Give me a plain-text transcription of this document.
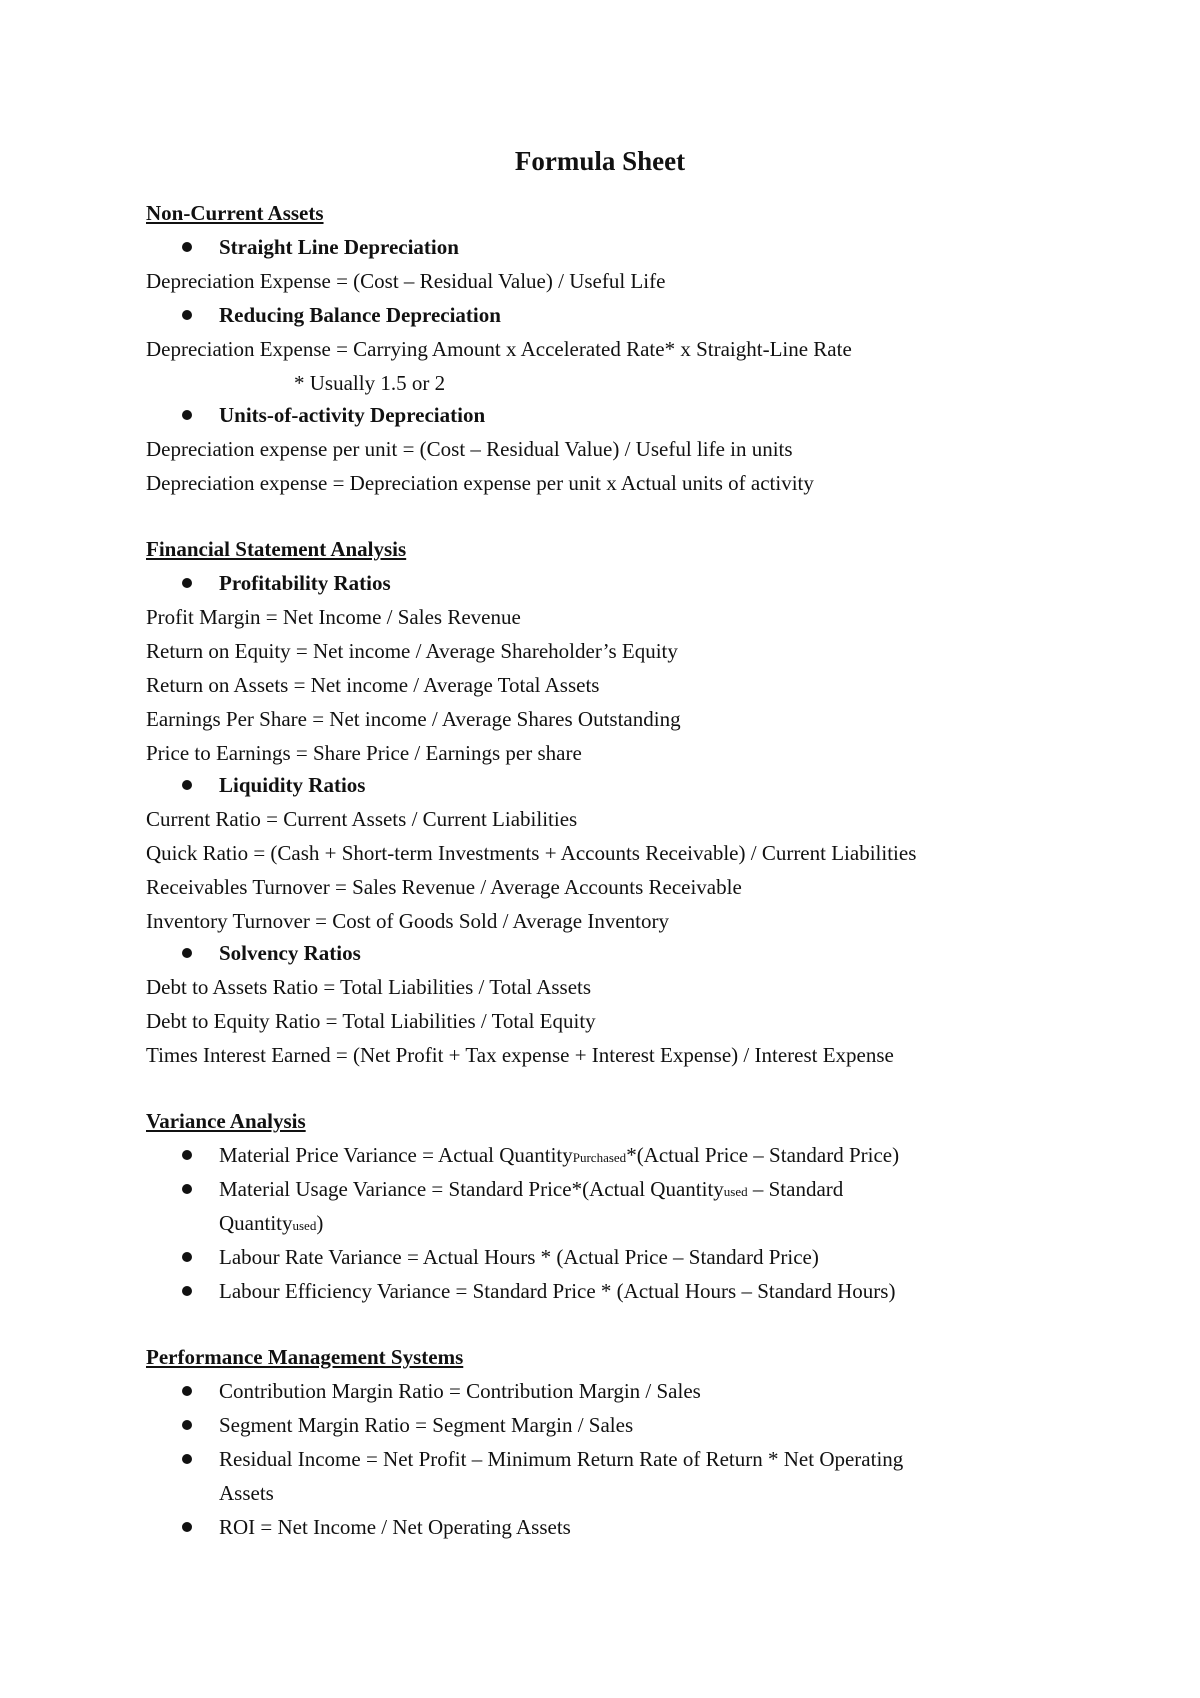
Formula Sheet
Non-Current Assets
Straight Line Depreciation
Depreciation Expense = (Cost – Residual Value) / Useful Life
Reducing Balance Depreciation
Depreciation Expense = Carrying Amount x Accelerated Rate* x Straight-Line Rate
* Usually 1.5 or 2
Units-of-activity Depreciation
Depreciation expense per unit = (Cost – Residual Value) / Useful life in units
Depreciation expense = Depreciation expense per unit x Actual units of activity
Financial Statement Analysis
Profitability Ratios
Profit Margin = Net Income / Sales Revenue
Return on Equity = Net income / Average Shareholder’s Equity
Return on Assets = Net income / Average Total Assets
Earnings Per Share = Net income / Average Shares Outstanding
Price to Earnings = Share Price / Earnings per share
Liquidity Ratios
Current Ratio = Current Assets / Current Liabilities
Quick Ratio = (Cash + Short-term Investments + Accounts Receivable) / Current Liabilities
Receivables Turnover = Sales Revenue / Average Accounts Receivable
Inventory Turnover = Cost of Goods Sold / Average Inventory
Solvency Ratios
Debt to Assets Ratio = Total Liabilities / Total Assets
Debt to Equity Ratio = Total Liabilities / Total Equity
Times Interest Earned = (Net Profit + Tax expense + Interest Expense) / Interest Expense
Variance Analysis
Material Price Variance = Actual QuantityPurchased*(Actual Price – Standard Price)
Material Usage Variance = Standard Price*(Actual Quantityused – Standard
Quantityused)
Labour Rate Variance = Actual Hours * (Actual Price – Standard Price)
Labour Efficiency Variance = Standard Price * (Actual Hours – Standard Hours)
Performance Management Systems
Contribution Margin Ratio = Contribution Margin / Sales
Segment Margin Ratio = Segment Margin / Sales
Residual Income = Net Profit – Minimum Return Rate of Return * Net Operating
Assets
ROI = Net Income / Net Operating Assets
